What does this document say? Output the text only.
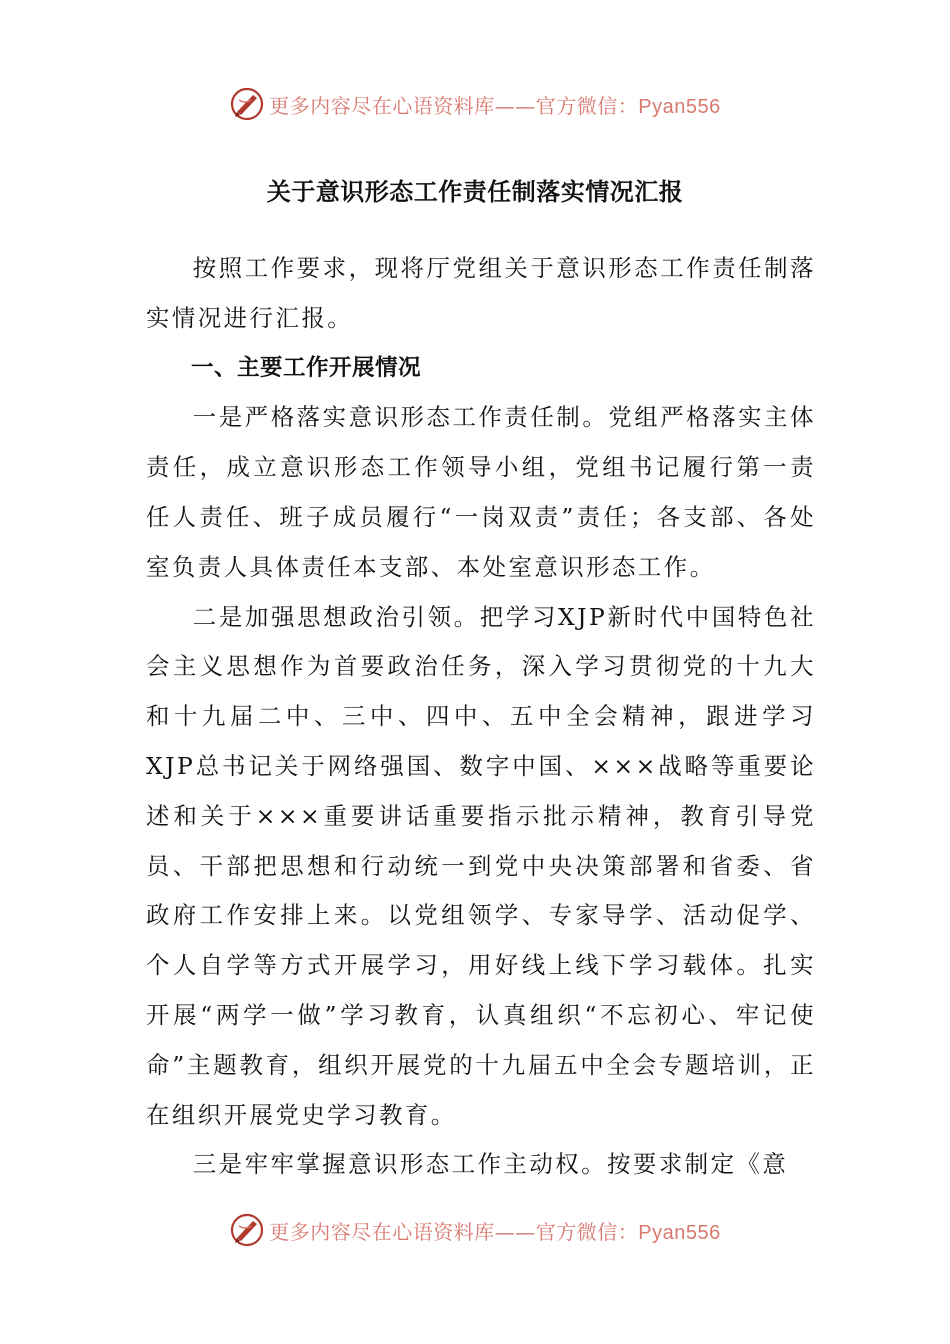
更多内容尽在心语资料库——官方微信：Pyan556
关于意识形态工作责任制落实情况汇报

按照工作要求，现将厅党组关于意识形态工作责任制落实情况进行汇报。

一、主要工作开展情况

一是严格落实意识形态工作责任制。党组严格落实主体责任，成立意识形态工作领导小组，党组书记履行第一责任人责任、班子成员履行“一岗双责”责任；各支部、各处室负责人具体责任本支部、本处室意识形态工作。

二是加强思想政治引领。把学习XJP新时代中国特色社会主义思想作为首要政治任务，深入学习贯彻党的十九大和十九届二中、三中、四中、五中全会精神，跟进学习XJP总书记关于网络强国、数字中国、×××战略等重要论述和关于×××重要讲话重要指示批示精神，教育引导党员、干部把思想和行动统一到党中央决策部署和省委、省政府工作安排上来。以党组领学、专家导学、活动促学、个人自学等方式开展学习，用好线上线下学习载体。扎实开展“两学一做”学习教育，认真组织“不忘初心、牢记使命”主题教育，组织开展党的十九届五中全会专题培训，正在组织开展党史学习教育。

三是牢牢掌握意识形态工作主动权。按要求制定《意

更多内容尽在心语资料库——官方微信：Pyan556
